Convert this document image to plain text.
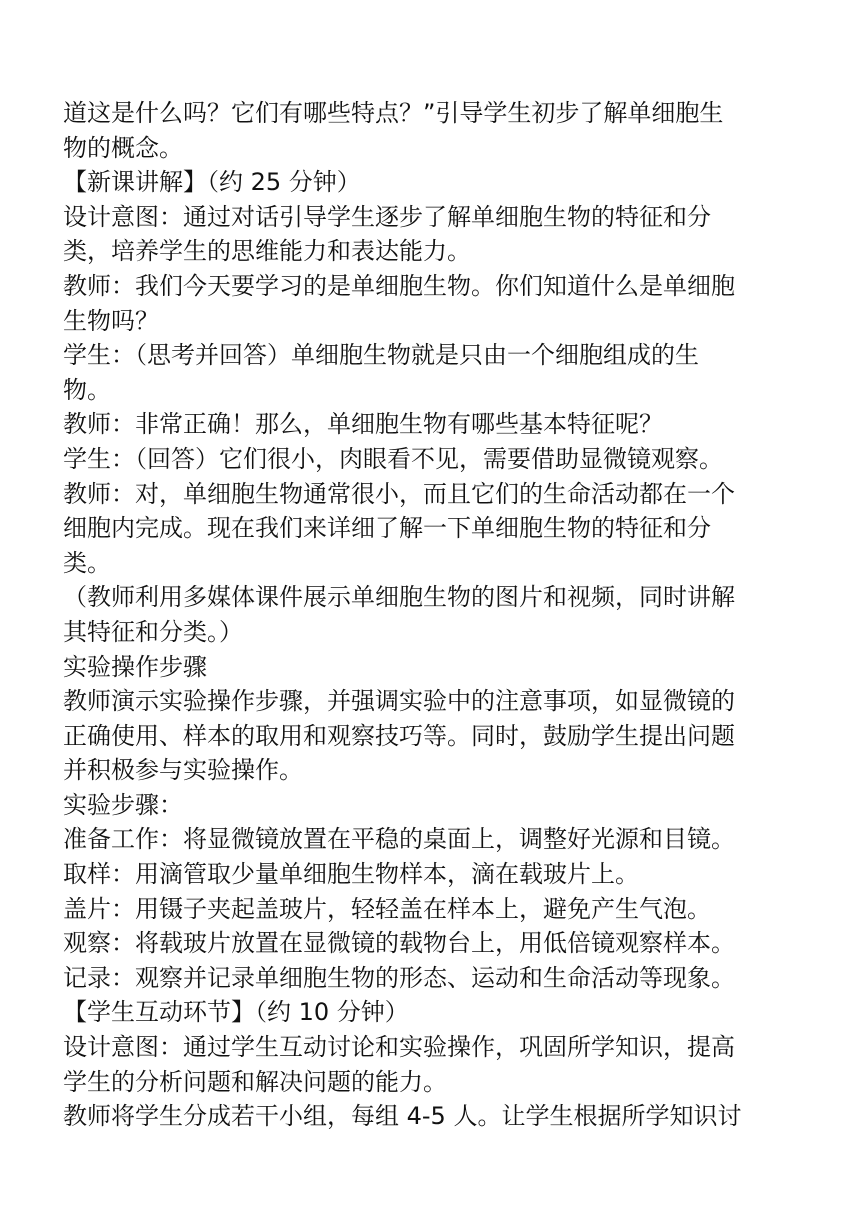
道这是什么吗？它们有哪些特点？”引导学生初步了解单细胞生
物的概念。
【新课讲解】（约 25 分钟）
设计意图：通过对话引导学生逐步了解单细胞生物的特征和分
类，培养学生的思维能力和表达能力。
教师：我们今天要学习的是单细胞生物。你们知道什么是单细胞
生物吗？
学生：（思考并回答）单细胞生物就是只由一个细胞组成的生
物。
教师：非常正确！那么，单细胞生物有哪些基本特征呢？
学生：（回答）它们很小，肉眼看不见，需要借助显微镜观察。
教师：对，单细胞生物通常很小，而且它们的生命活动都在一个
细胞内完成。现在我们来详细了解一下单细胞生物的特征和分
类。
（教师利用多媒体课件展示单细胞生物的图片和视频，同时讲解
其特征和分类。）
实验操作步骤
教师演示实验操作步骤，并强调实验中的注意事项，如显微镜的
正确使用、样本的取用和观察技巧等。同时，鼓励学生提出问题
并积极参与实验操作。
实验步骤：
准备工作：将显微镜放置在平稳的桌面上，调整好光源和目镜。
取样：用滴管取少量单细胞生物样本，滴在载玻片上。
盖片：用镊子夹起盖玻片，轻轻盖在样本上，避免产生气泡。
观察：将载玻片放置在显微镜的载物台上，用低倍镜观察样本。
记录：观察并记录单细胞生物的形态、运动和生命活动等现象。
【学生互动环节】（约 10 分钟）
设计意图：通过学生互动讨论和实验操作，巩固所学知识，提高
学生的分析问题和解决问题的能力。
教师将学生分成若干小组，每组 4-5 人。让学生根据所学知识讨
